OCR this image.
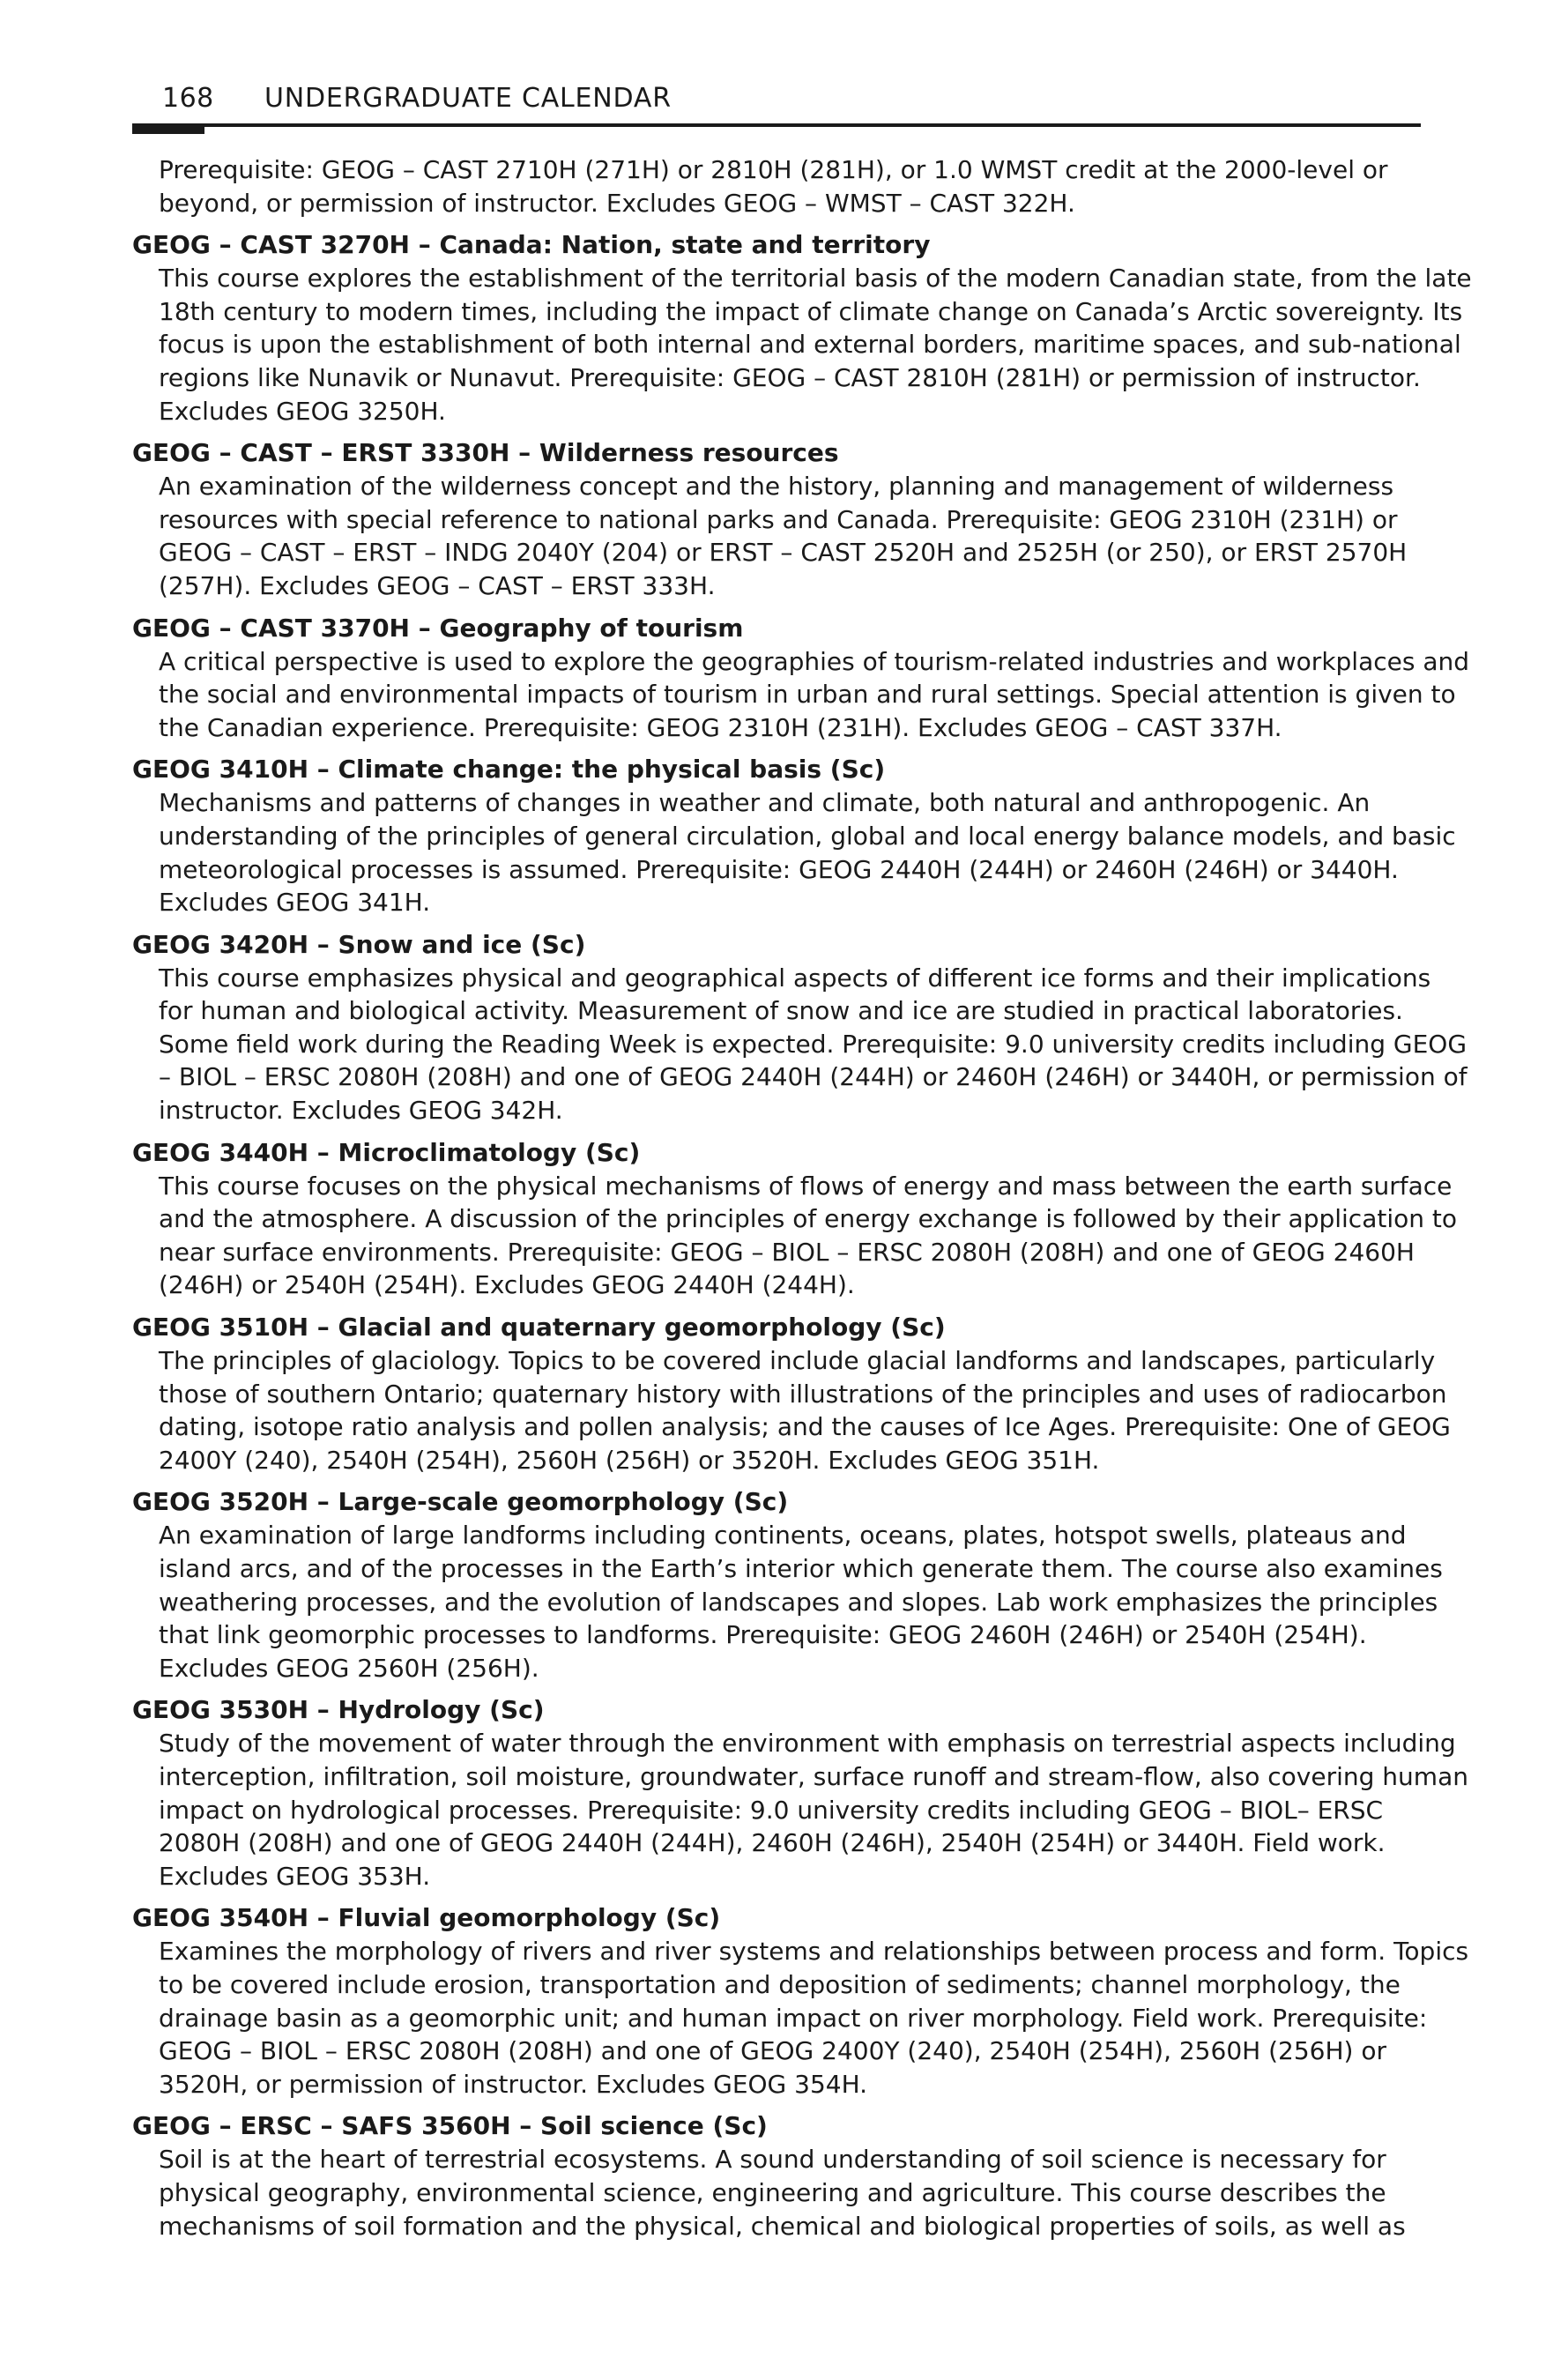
168 UNDERGRADUATE CALENDAR

Prerequisite: GEOG – CAST 2710H (271H) or 2810H (281H), or 1.0 WMST credit at the 2000-level or beyond, or permission of instructor. Excludes GEOG – WMST – CAST 322H.

GEOG – CAST 3270H – Canada: Nation, state and territory

This course explores the establishment of the territorial basis of the modern Canadian state, from the late 18th century to modern times, including the impact of climate change on Canada’s Arctic sovereignty. Its focus is upon the establishment of both internal and external borders, maritime spaces, and sub-national regions like Nunavik or Nunavut. Prerequisite: GEOG – CAST 2810H (281H) or permission of instructor. Excludes GEOG 3250H.

GEOG – CAST – ERST 3330H – Wilderness resources

An examination of the wilderness concept and the history, planning and management of wilderness resources with special reference to national parks and Canada. Prerequisite: GEOG 2310H (231H) or GEOG – CAST – ERST – INDG 2040Y (204) or ERST – CAST 2520H and 2525H (or 250), or ERST 2570H (257H). Excludes GEOG – CAST – ERST 333H.

GEOG – CAST 3370H – Geography of tourism

A critical perspective is used to explore the geographies of tourism-related industries and workplaces and the social and environmental impacts of tourism in urban and rural settings. Special attention is given to the Canadian experience. Prerequisite: GEOG 2310H (231H). Excludes GEOG – CAST 337H.

GEOG 3410H – Climate change: the physical basis (Sc)

Mechanisms and patterns of changes in weather and climate, both natural and anthropogenic. An understanding of the principles of general circulation, global and local energy balance models, and basic meteorological processes is assumed. Prerequisite: GEOG 2440H (244H) or 2460H (246H) or 3440H. Excludes GEOG 341H.

GEOG 3420H – Snow and ice (Sc)

This course emphasizes physical and geographical aspects of different ice forms and their implications for human and biological activity. Measurement of snow and ice are studied in practical laboratories. Some field work during the Reading Week is expected. Prerequisite: 9.0 university credits including GEOG – BIOL – ERSC 2080H (208H) and one of GEOG 2440H (244H) or 2460H (246H) or 3440H, or permission of instructor. Excludes GEOG 342H.

GEOG 3440H – Microclimatology (Sc)

This course focuses on the physical mechanisms of flows of energy and mass between the earth surface and the atmosphere. A discussion of the principles of energy exchange is followed by their application to near surface environments. Prerequisite: GEOG – BIOL – ERSC 2080H (208H) and one of GEOG 2460H (246H) or 2540H (254H). Excludes GEOG 2440H (244H).

GEOG 3510H – Glacial and quaternary geomorphology (Sc)

The principles of glaciology. Topics to be covered include glacial landforms and landscapes, particularly those of southern Ontario; quaternary history with illustrations of the principles and uses of radiocarbon dating, isotope ratio analysis and pollen analysis; and the causes of Ice Ages. Prerequisite: One of GEOG 2400Y (240), 2540H (254H), 2560H (256H) or 3520H. Excludes GEOG 351H.

GEOG 3520H – Large-scale geomorphology (Sc)

An examination of large landforms including continents, oceans, plates, hotspot swells, plateaus and island arcs, and of the processes in the Earth’s interior which generate them. The course also examines weathering processes, and the evolution of landscapes and slopes. Lab work emphasizes the principles that link geomorphic processes to landforms. Prerequisite: GEOG 2460H (246H) or 2540H (254H). Excludes GEOG 2560H (256H).

GEOG 3530H – Hydrology (Sc)

Study of the movement of water through the environment with emphasis on terrestrial aspects including interception, infiltration, soil moisture, groundwater, surface runoff and stream-flow, also covering human impact on hydrological processes. Prerequisite: 9.0 university credits including GEOG – BIOL– ERSC 2080H (208H) and one of GEOG 2440H (244H), 2460H (246H), 2540H (254H) or 3440H. Field work. Excludes GEOG 353H.

GEOG 3540H – Fluvial geomorphology (Sc)

Examines the morphology of rivers and river systems and relationships between process and form. Topics to be covered include erosion, transportation and deposition of sediments; channel morphology, the drainage basin as a geomorphic unit; and human impact on river morphology. Field work. Prerequisite: GEOG – BIOL – ERSC 2080H (208H) and one of GEOG 2400Y (240), 2540H (254H), 2560H (256H) or 3520H, or permission of instructor. Excludes GEOG 354H.

GEOG – ERSC – SAFS 3560H – Soil science (Sc)

Soil is at the heart of terrestrial ecosystems. A sound understanding of soil science is necessary for physical geography, environmental science, engineering and agriculture. This course describes the mechanisms of soil formation and the physical, chemical and biological properties of soils, as well as
